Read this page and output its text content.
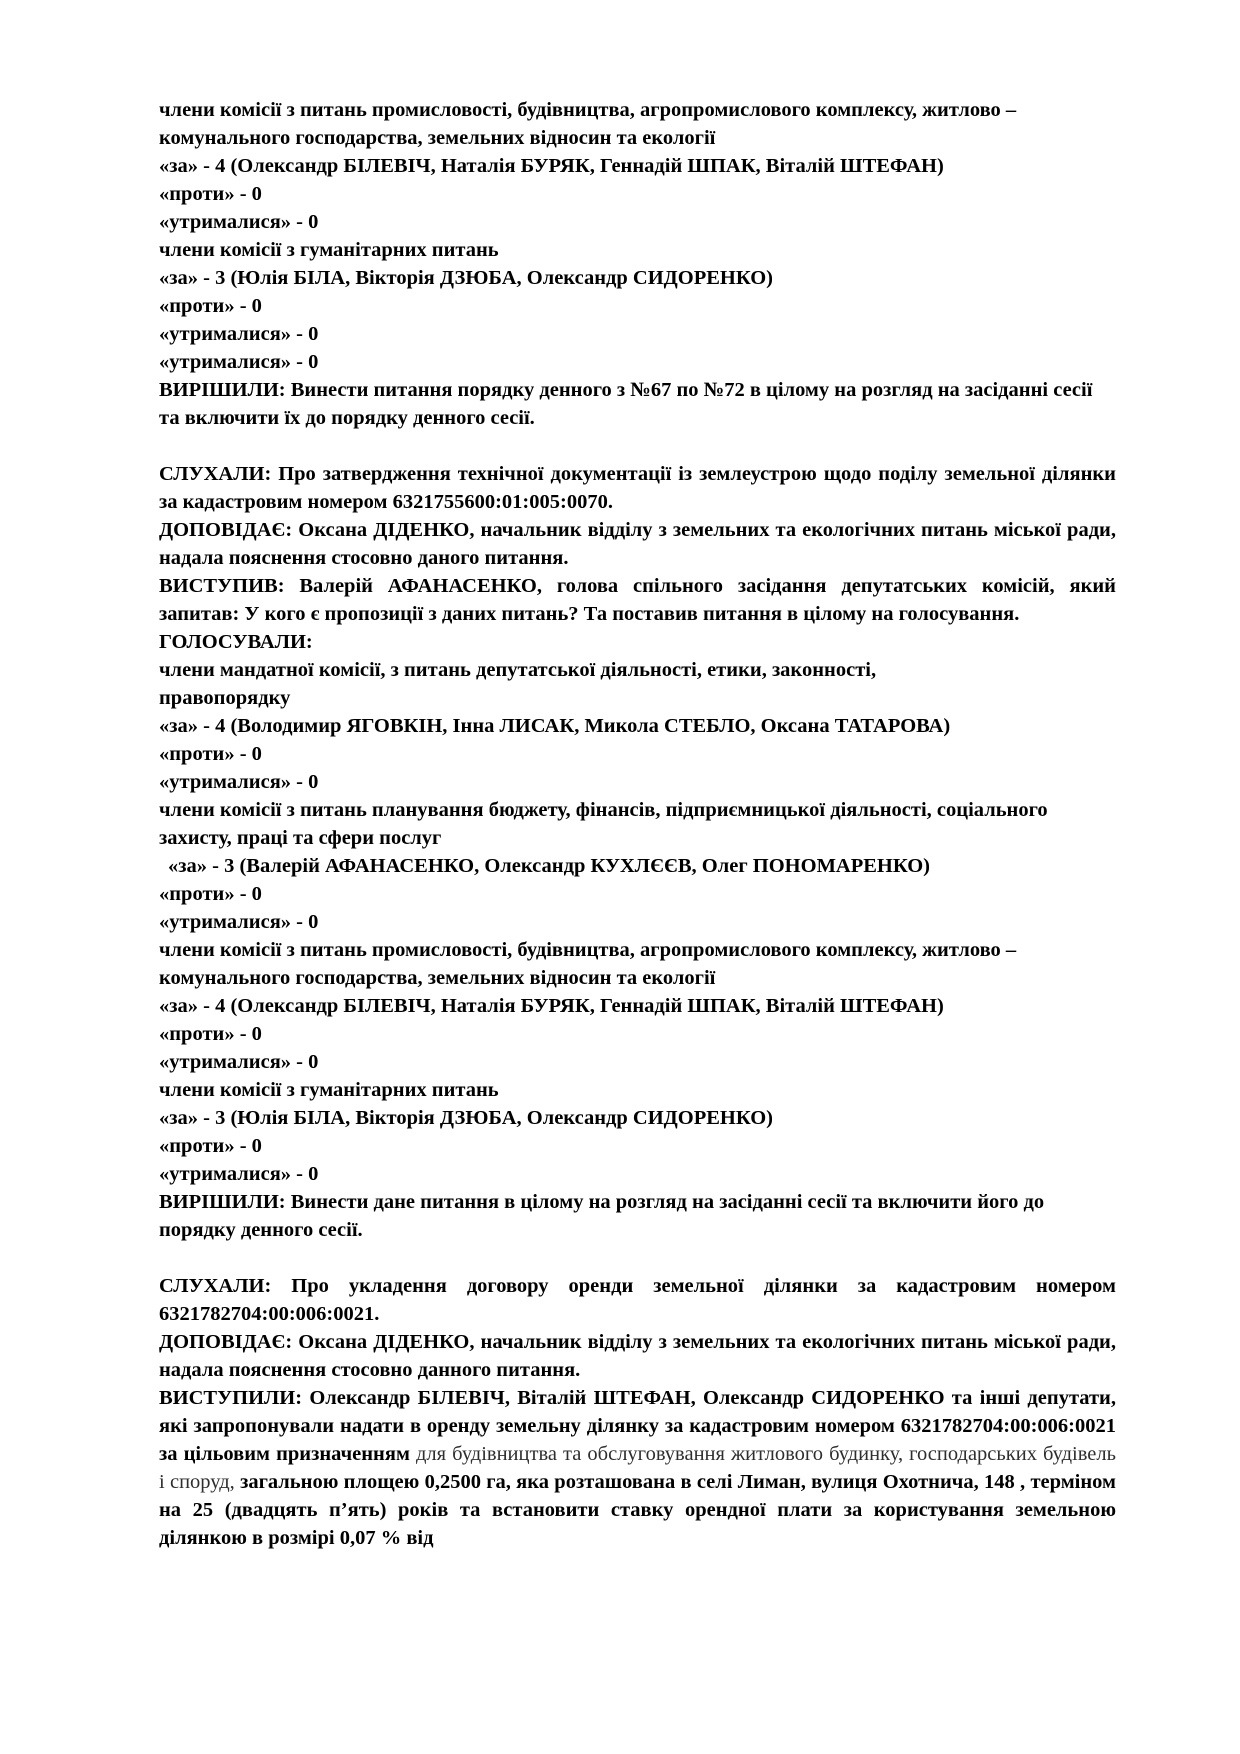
члени комісії з питань промисловості, будівництва, агропромислового комплексу, житлово – комунального господарства, земельних відносин та екології

«за» - 4 (Олександр БІЛЕВІЧ, Наталія БУРЯК, Геннадій ШПАК, Віталій ШТЕФАН)

«проти» - 0

«утрималися» - 0

члени комісії з гуманітарних питань

«за» - 3 (Юлія БІЛА, Вікторія ДЗЮБА, Олександр СИДОРЕНКО)

«проти» - 0

«утрималися» - 0

«утрималися» - 0

ВИРІШИЛИ: Винести питання порядку денного з №67 по №72 в цілому на розгляд на засіданні сесії та включити їх до порядку денного сесії.

СЛУХАЛИ: Про затвердження технічної документації із землеустрою щодо поділу земельної ділянки за кадастровим номером 6321755600:01:005:0070.

ДОПОВІДАЄ: Оксана ДІДЕНКО, начальник відділу з земельних та екологічних питань міської ради, надала пояснення стосовно даного питання.

ВИСТУПИВ: Валерій АФАНАСЕНКО, голова спільного засідання депутатських комісій, який запитав: У кого є пропозиції з даних питань? Та поставив питання в цілому на голосування.

ГОЛОСУВАЛИ:

члени мандатної комісії, з питань депутатської діяльності, етики, законності,

правопорядку

«за» - 4 (Володимир ЯГОВКІН, Інна ЛИСАК, Микола СТЕБЛО, Оксана ТАТАРОВА)

«проти» - 0

«утрималися» - 0

члени комісії з питань планування бюджету, фінансів, підприємницької діяльності, соціального захисту, праці та сфери послуг

«за» - 3 (Валерій АФАНАСЕНКО, Олександр КУХЛЄЄВ, Олег ПОНОМАРЕНКО)

«проти» - 0

«утрималися» - 0

члени комісії з питань промисловості, будівництва, агропромислового комплексу, житлово – комунального господарства, земельних відносин та екології

«за» - 4 (Олександр БІЛЕВІЧ, Наталія БУРЯК, Геннадій ШПАК, Віталій ШТЕФАН)

«проти» - 0

«утрималися» - 0

члени комісії з гуманітарних питань

«за» - 3 (Юлія БІЛА, Вікторія ДЗЮБА, Олександр СИДОРЕНКО)

«проти» - 0

«утрималися» - 0

ВИРІШИЛИ: Винести дане питання в цілому на розгляд на засіданні сесії та включити його до порядку денного сесії.

СЛУХАЛИ: Про укладення договору оренди земельної ділянки за кадастровим номером 6321782704:00:006:0021.

ДОПОВІДАЄ: Оксана ДІДЕНКО, начальник відділу з земельних та екологічних питань міської ради, надала пояснення стосовно данного питання.

ВИСТУПИЛИ: Олександр БІЛЕВІЧ, Віталій ШТЕФАН, Олександр СИДОРЕНКО та інші депутати, які запропонували надати в оренду земельну ділянку за кадастровим номером 6321782704:00:006:0021 за цільовим призначенням для будівництва та обслуговування житлового будинку, господарських будівель і споруд, загальною площею 0,2500 га, яка розташована в селі Лиман, вулиця Охотнича, 148 , терміном на 25 (двадцять п’ять) років та встановити ставку орендної плати за користування земельною ділянкою в розмірі 0,07 % від
